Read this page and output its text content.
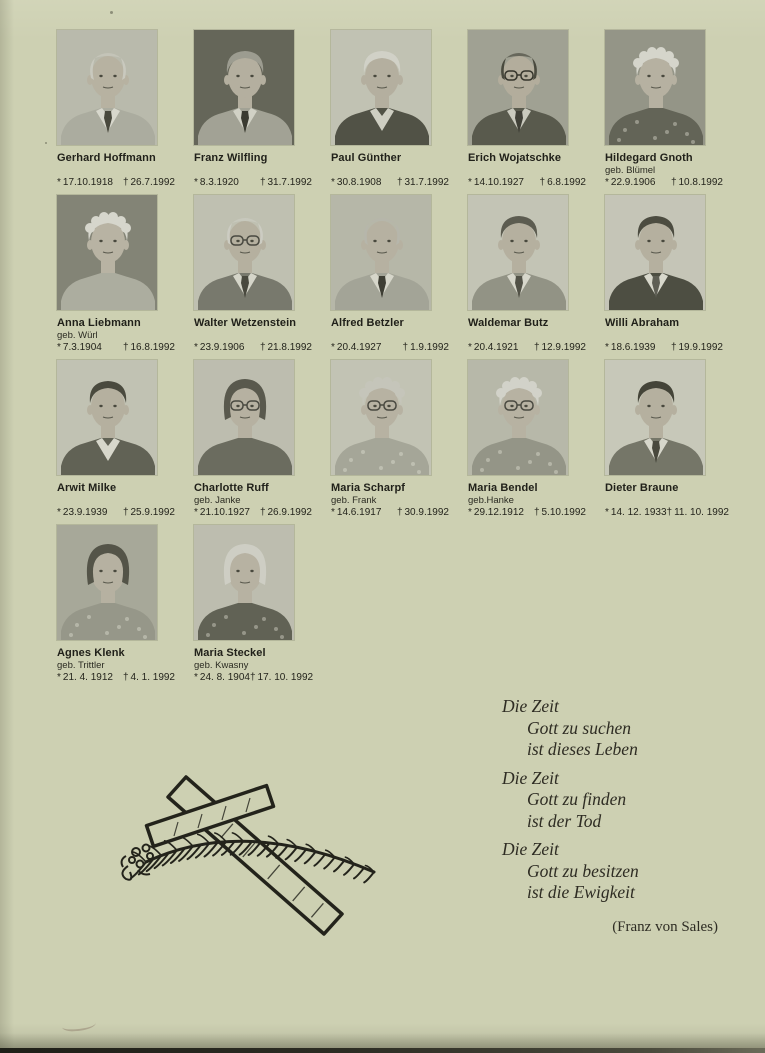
Gerhard Hoffmann
* 17.10.1918 † 26.7.1992
Franz Wilfling
* 8.3.1920 † 31.7.1992
Paul Günther
* 30.8.1908 † 31.7.1992
Erich Wojatschke
* 14.10.1927 † 6.8.1992
Hildegard Gnoth
geb. Blümel
* 22.9.1906 † 10.8.1992
Anna Liebmann
geb. Würl
* 7.3.1904 † 16.8.1992
Walter Wetzenstein
* 23.9.1906 † 21.8.1992
Alfred Betzler
* 20.4.1927 † 1.9.1992
Waldemar Butz
* 20.4.1921 † 12.9.1992
Willi Abraham
* 18.6.1939 † 19.9.1992
Arwit Milke
* 23.9.1939 † 25.9.1992
Charlotte Ruff
geb. Janke
* 21.10.1927 † 26.9.1992
Maria Scharpf
geb. Frank
* 14.6.1917 † 30.9.1992
Maria Bendel
geb.Hanke
* 29.12.1912 † 5.10.1992
Dieter Braune
* 14. 12. 1933 † 11. 10. 1992
Agnes Klenk
geb. Trittler
* 21. 4. 1912 † 4. 1. 1992
Maria Steckel
geb. Kwasny
* 24. 8. 1904 † 17. 10. 1992
Die Zeit
Gott zu suchen
ist dieses Leben
Die Zeit
Gott zu finden
ist der Tod
Die Zeit
Gott zu besitzen
ist die Ewigkeit
(Franz von Sales)
